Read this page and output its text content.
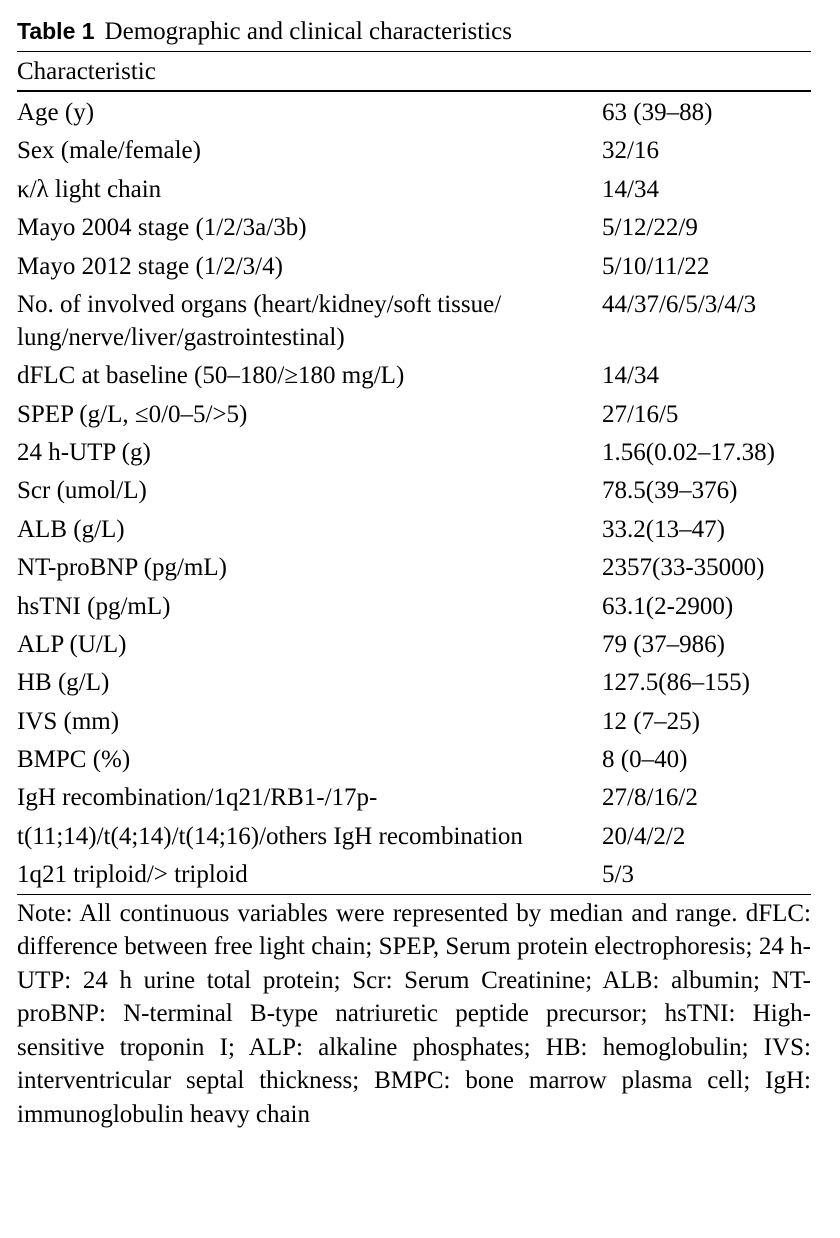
Table 1 Demographic and clinical characteristics
Characteristic
Age (y)	63 (39–88)
Sex (male/female)	32/16
κ/λ light chain	14/34
Mayo 2004 stage (1/2/3a/3b)	5/12/22/9
Mayo 2012 stage (1/2/3/4)	5/10/11/22
No. of involved organs (heart/kidney/soft tissue/ lung/nerve/liver/gastrointestinal)	44/37/6/5/3/4/3
dFLC at baseline (50–180/≥180 mg/L)	14/34
SPEP (g/L, ≤0/0–5/>5)	27/16/5
24 h-UTP (g)	1.56(0.02–17.38)
Scr (umol/L)	78.5(39–376)
ALB (g/L)	33.2(13–47)
NT-proBNP (pg/mL)	2357(33-35000)
hsTNI (pg/mL)	63.1(2-2900)
ALP (U/L)	79 (37–986)
HB (g/L)	127.5(86–155)
IVS (mm)	12 (7–25)
BMPC (%)	8 (0–40)
IgH recombination/1q21/RB1-/17p-	27/8/16/2
t(11;14)/t(4;14)/t(14;16)/others IgH recombination	20/4/2/2
1q21 triploid/> triploid	5/3
Note: All continuous variables were represented by median and range. dFLC: difference between free light chain; SPEP, Serum protein electrophoresis; 24 h-UTP: 24 h urine total protein; Scr: Serum Creatinine; ALB: albumin; NT-proBNP: N-terminal B-type natriuretic peptide precursor; hsTNI: High-sensitive troponin I; ALP: alkaline phosphates; HB: hemoglobulin; IVS: interventricular septal thickness; BMPC: bone marrow plasma cell; IgH: immunoglobulin heavy chain
